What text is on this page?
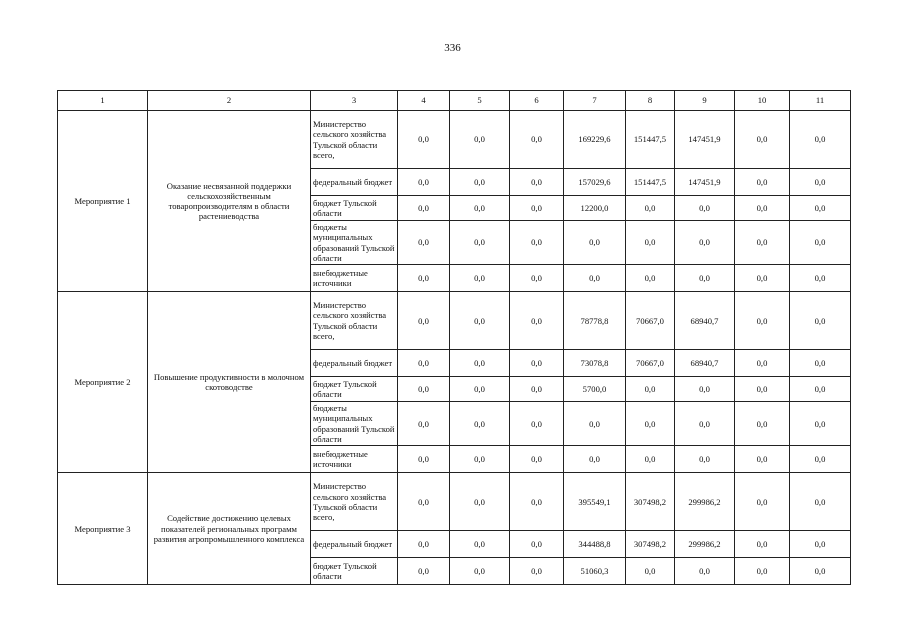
336
1	2	3	4	5	6	7	8	9	10	11
Мероприятие 1	Оказание несвязанной поддержки сельскохозяйственным товаропроизводителям в области растениеводства	Министерство сельского хозяйства Тульской области всего,	0,0	0,0	0,0	169229,6	151447,5	147451,9	0,0	0,0
		федеральный бюджет	0,0	0,0	0,0	157029,6	151447,5	147451,9	0,0	0,0
		бюджет Тульской области	0,0	0,0	0,0	12200,0	0,0	0,0	0,0	0,0
		бюджеты муниципальных образований Тульской области	0,0	0,0	0,0	0,0	0,0	0,0	0,0	0,0
		внебюджетные источники	0,0	0,0	0,0	0,0	0,0	0,0	0,0	0,0
Мероприятие 2	Повышение продуктивности в молочном скотоводстве	Министерство сельского хозяйства Тульской области всего,	0,0	0,0	0,0	78778,8	70667,0	68940,7	0,0	0,0
		федеральный бюджет	0,0	0,0	0,0	73078,8	70667,0	68940,7	0,0	0,0
		бюджет Тульской области	0,0	0,0	0,0	5700,0	0,0	0,0	0,0	0,0
		бюджеты муниципальных образований Тульской области	0,0	0,0	0,0	0,0	0,0	0,0	0,0	0,0
		внебюджетные источники	0,0	0,0	0,0	0,0	0,0	0,0	0,0	0,0
Мероприятие 3	Содействие достижению целевых показателей региональных программ развития агропромышленного комплекса	Министерство сельского хозяйства Тульской области всего,	0,0	0,0	0,0	395549,1	307498,2	299986,2	0,0	0,0
		федеральный бюджет	0,0	0,0	0,0	344488,8	307498,2	299986,2	0,0	0,0
		бюджет Тульской области	0,0	0,0	0,0	51060,3	0,0	0,0	0,0	0,0
